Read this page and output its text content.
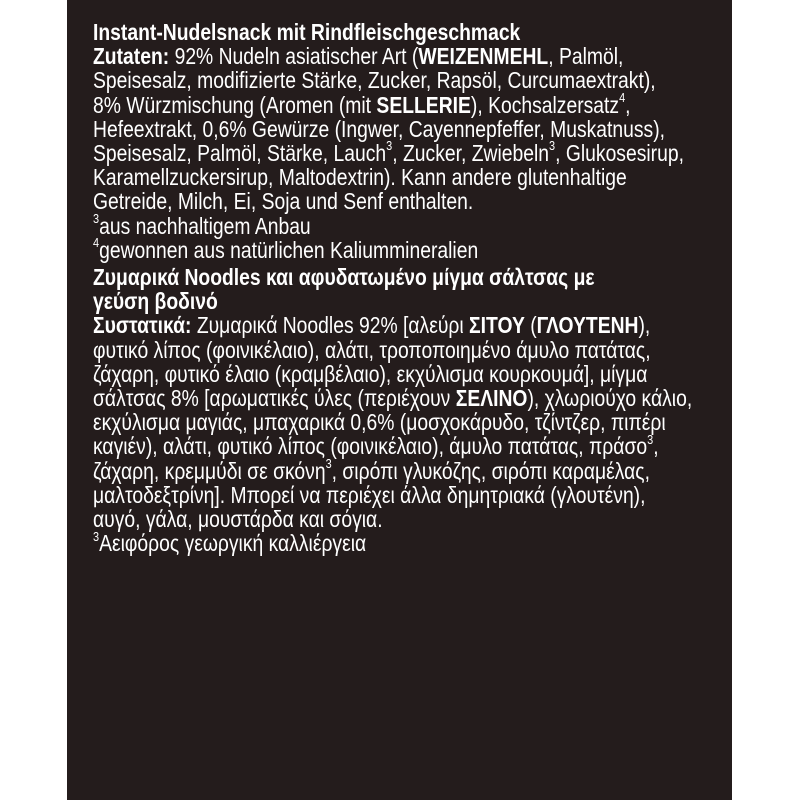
Instant-Nudelsnack mit Rindfleischgeschmack
Zutaten: 92% Nudeln asiatischer Art (WEIZENMEHL, Palmöl,
Speisesalz, modifizierte Stärke, Zucker, Rapsöl, Curcumaextrakt),
8% Würzmischung (Aromen (mit SELLERIE), Kochsalzersatz$^4$,
Hefeextrakt, 0,6% Gewürze (Ingwer, Cayennepfeffer, Muskatnuss),
Speisesalz, Palmöl, Stärke, Lauch$^3$, Zucker, Zwiebeln$^3$, Glukosesirup,
Karamellzuckersirup, Maltodextrin). Kann andere glutenhaltige
Getreide, Milch, Ei, Soja und Senf enthalten.
$^3$aus nachhaltigem Anbau
$^4$gewonnen aus natürlichen Kaliummineralien
Ζυμαρικά Noodles και αφυδατωμένο μίγμα σάλτσας με
γεύση βοδινό
Συστατικά: Ζυμαρικά Noodles 92% [αλεύρι ΣΙΤΟΥ (ΓΛΟΥΤΕΝΗ),
φυτικό λίπος (φοινικέλαιο), αλάτι, τροποποιημένο άμυλο πατάτας,
ζάχαρη, φυτικό έλαιο (κραμβέλαιο), εκχύλισμα κουρκουμά], μίγμα
σάλτσας 8% [αρωματικές ύλες (περιέχουν ΣΕΛΙΝΟ), χλωριούχο κάλιο,
εκχύλισμα μαγιάς, μπαχαρικά 0,6% (μοσχοκάρυδο, τζίντζερ, πιπέρι
καγιέν), αλάτι, φυτικό λίπος (φοινικέλαιο), άμυλο πατάτας, πράσο$^3$,
ζάχαρη, κρεμμύδι σε σκόνη$^3$, σιρόπι γλυκόζης, σιρόπι καραμέλας,
μαλτοδεξτρίνη]. Μπορεί να περιέχει άλλα δημητριακά (γλουτένη),
αυγό, γάλα, μουστάρδα και σόγια.
$^3$Αειφόρος γεωργική καλλιέργεια
